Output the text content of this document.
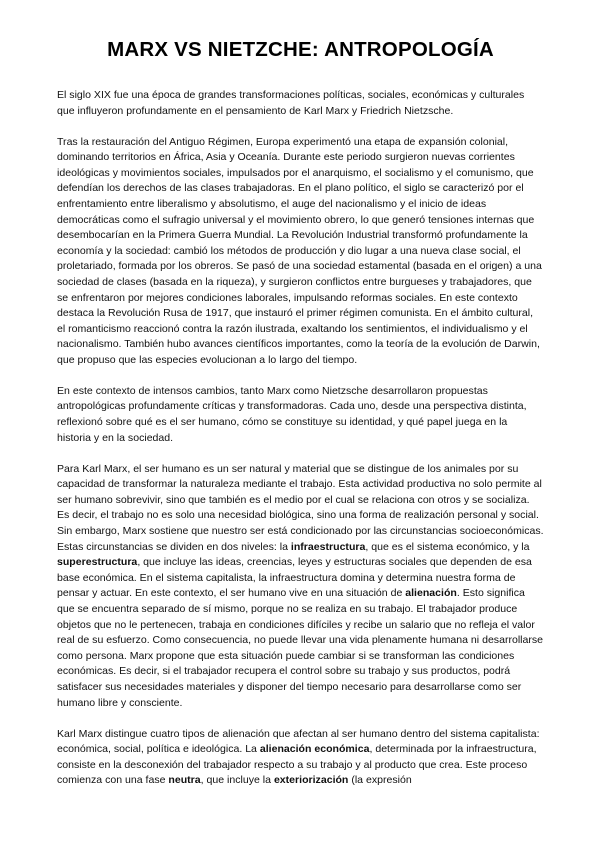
MARX VS NIETZCHE: ANTROPOLOGÍA

El siglo XIX fue una época de grandes transformaciones políticas, sociales, económicas y culturales que influyeron profundamente en el pensamiento de Karl Marx y Friedrich Nietzsche.

Tras la restauración del Antiguo Régimen, Europa experimentó una etapa de expansión colonial, dominando territorios en África, Asia y Oceanía. Durante este periodo surgieron nuevas corrientes ideológicas y movimientos sociales, impulsados por el anarquismo, el socialismo y el comunismo, que defendían los derechos de las clases trabajadoras. En el plano político, el siglo se caracterizó por el enfrentamiento entre liberalismo y absolutismo, el auge del nacionalismo y el inicio de ideas democráticas como el sufragio universal y el movimiento obrero, lo que generó tensiones internas que desembocarían en la Primera Guerra Mundial. La Revolución Industrial transformó profundamente la economía y la sociedad: cambió los métodos de producción y dio lugar a una nueva clase social, el proletariado, formada por los obreros. Se pasó de una sociedad estamental (basada en el origen) a una sociedad de clases (basada en la riqueza), y surgieron conflictos entre burgueses y trabajadores, que se enfrentaron por mejores condiciones laborales, impulsando reformas sociales. En este contexto destaca la Revolución Rusa de 1917, que instauró el primer régimen comunista. En el ámbito cultural, el romanticismo reaccionó contra la razón ilustrada, exaltando los sentimientos, el individualismo y el nacionalismo. También hubo avances científicos importantes, como la teoría de la evolución de Darwin, que propuso que las especies evolucionan a lo largo del tiempo.

En este contexto de intensos cambios, tanto Marx como Nietzsche desarrollaron propuestas antropológicas profundamente críticas y transformadoras. Cada uno, desde una perspectiva distinta, reflexionó sobre qué es el ser humano, cómo se constituye su identidad, y qué papel juega en la historia y en la sociedad.

Para Karl Marx, el ser humano es un ser natural y material que se distingue de los animales por su capacidad de transformar la naturaleza mediante el trabajo. Esta actividad productiva no solo permite al ser humano sobrevivir, sino que también es el medio por el cual se relaciona con otros y se socializa. Es decir, el trabajo no es solo una necesidad biológica, sino una forma de realización personal y social. Sin embargo, Marx sostiene que nuestro ser está condicionado por las circunstancias socioeconómicas. Estas circunstancias se dividen en dos niveles: la infraestructura, que es el sistema económico, y la superestructura, que incluye las ideas, creencias, leyes y estructuras sociales que dependen de esa base económica. En el sistema capitalista, la infraestructura domina y determina nuestra forma de pensar y actuar. En este contexto, el ser humano vive en una situación de alienación. Esto significa que se encuentra separado de sí mismo, porque no se realiza en su trabajo. El trabajador produce objetos que no le pertenecen, trabaja en condiciones difíciles y recibe un salario que no refleja el valor real de su esfuerzo. Como consecuencia, no puede llevar una vida plenamente humana ni desarrollarse como persona. Marx propone que esta situación puede cambiar si se transforman las condiciones económicas. Es decir, si el trabajador recupera el control sobre su trabajo y sus productos, podrá satisfacer sus necesidades materiales y disponer del tiempo necesario para desarrollarse como ser humano libre y consciente.

Karl Marx distingue cuatro tipos de alienación que afectan al ser humano dentro del sistema capitalista: económica, social, política e ideológica. La alienación económica, determinada por la infraestructura, consiste en la desconexión del trabajador respecto a su trabajo y al producto que crea. Este proceso comienza con una fase neutra, que incluye la exteriorización (la expresión
